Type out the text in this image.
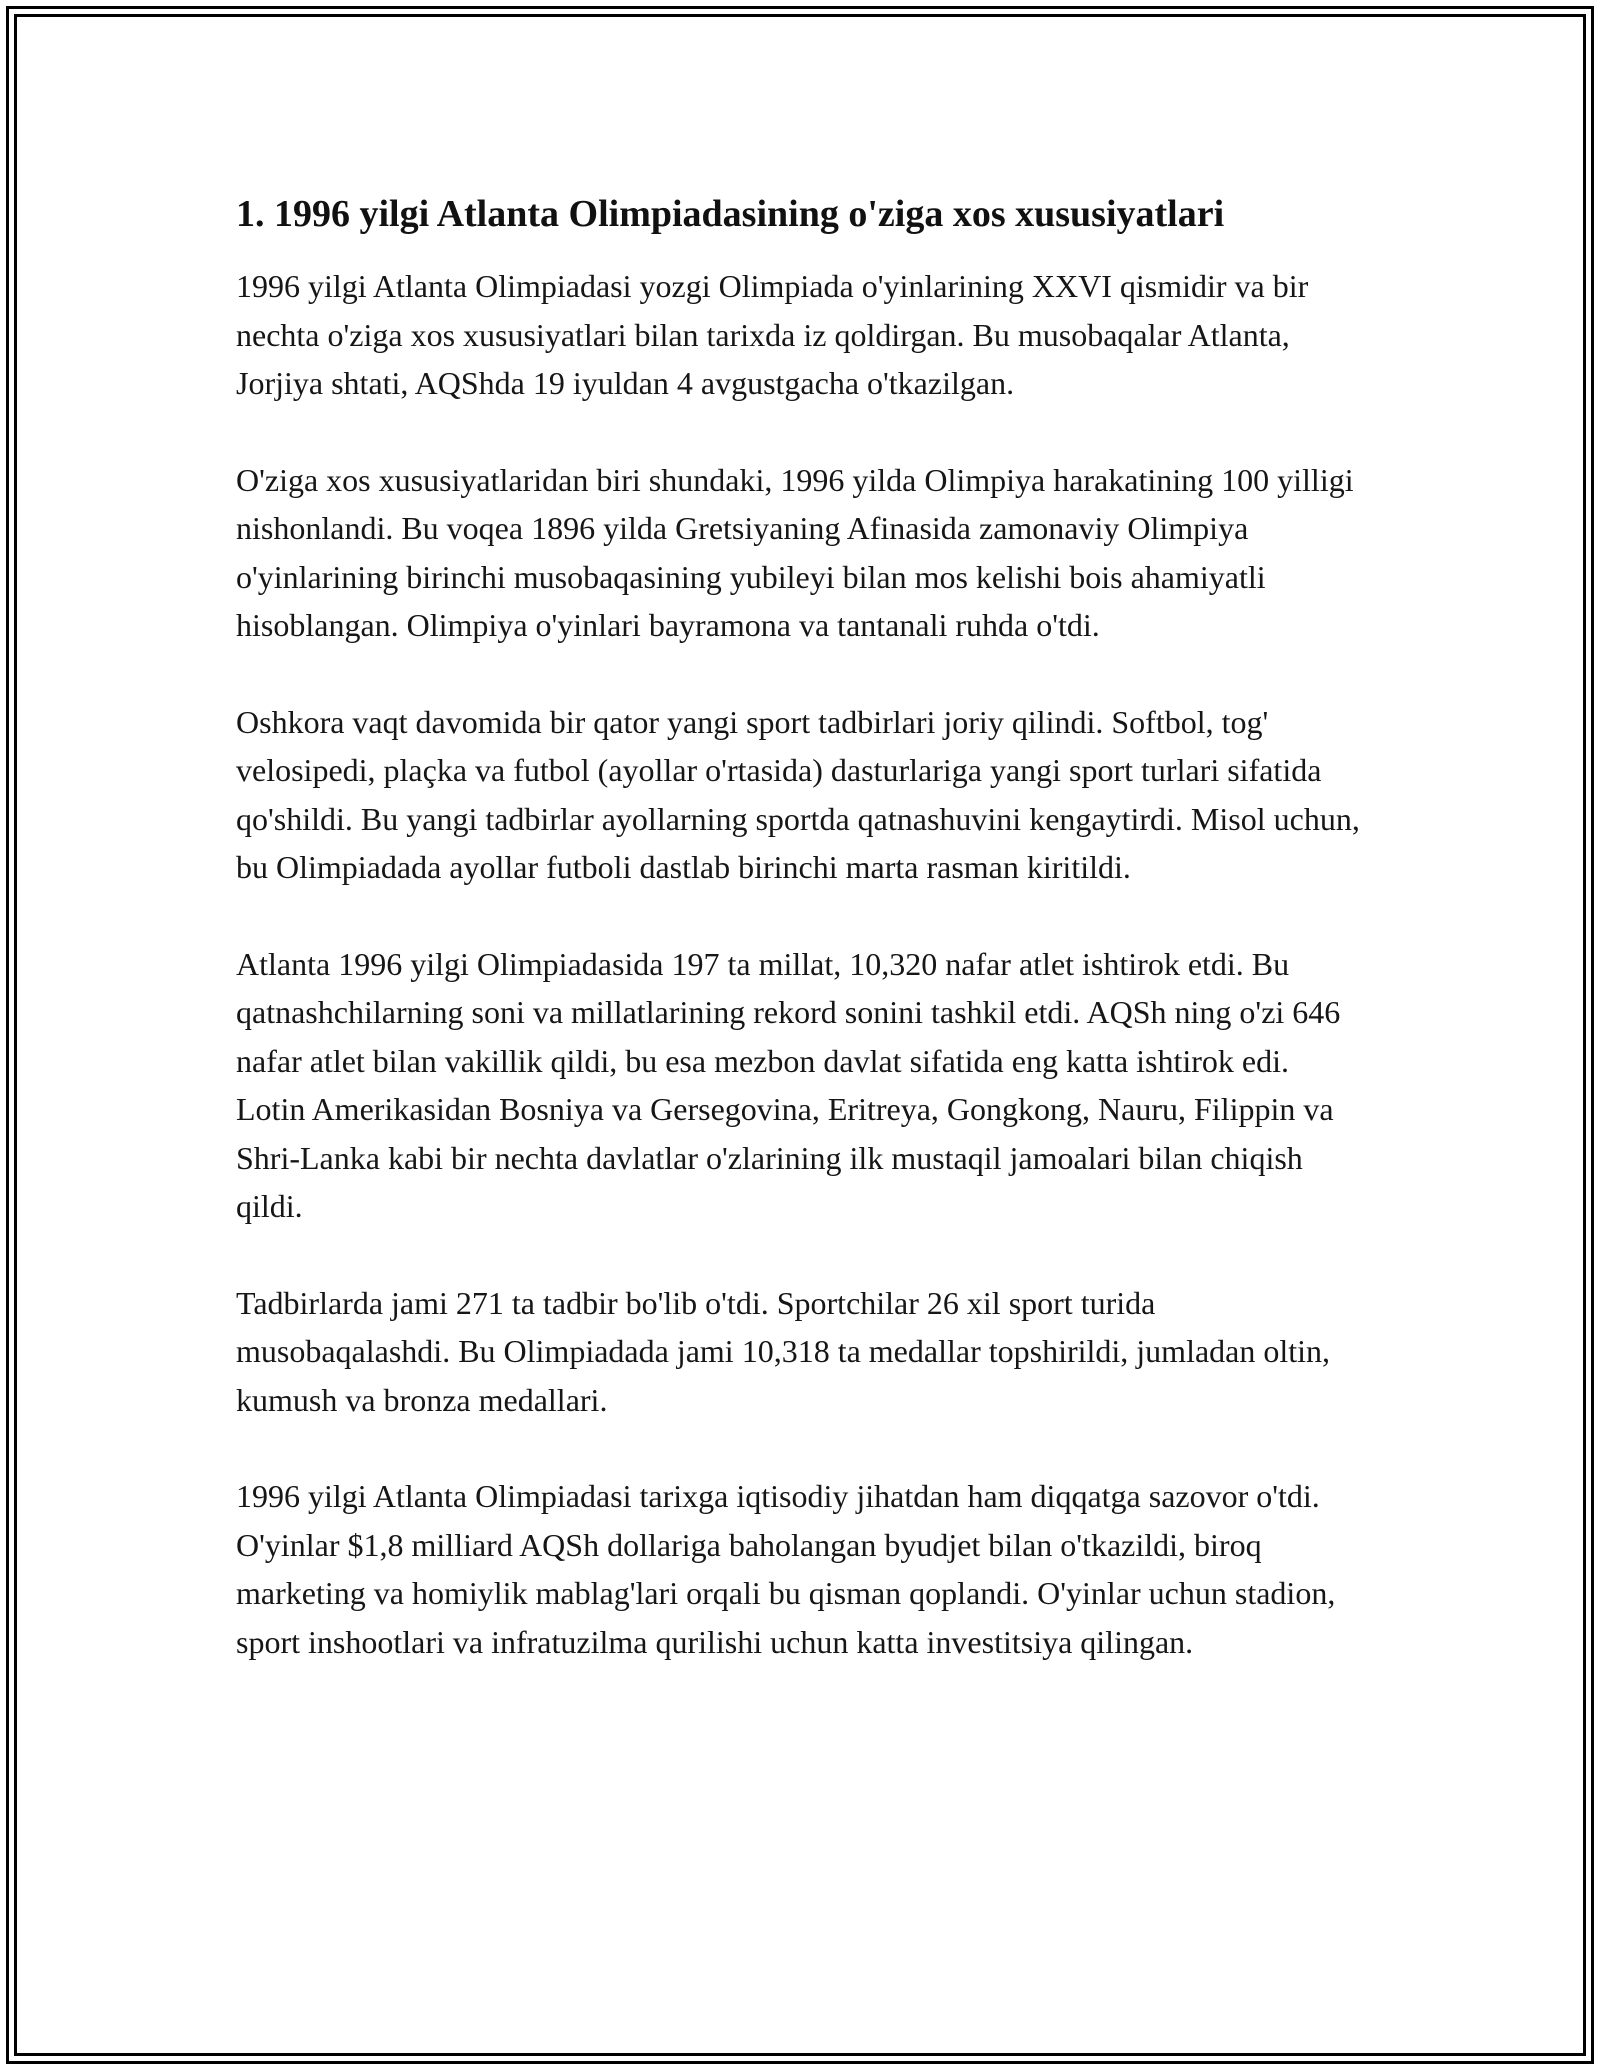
1. 1996 yilgi Atlanta Olimpiadasining o'ziga xos xususiyatlari

1996 yilgi Atlanta Olimpiadasi yozgi Olimpiada o'yinlarining XXVI qismidir va bir nechta o'ziga xos xususiyatlari bilan tarixda iz qoldirgan. Bu musobaqalar Atlanta, Jorjiya shtati, AQShda 19 iyuldan 4 avgustgacha o'tkazilgan.

O'ziga xos xususiyatlaridan biri shundaki, 1996 yilda Olimpiya harakatining 100 yilligi nishonlandi. Bu voqea 1896 yilda Gretsiyaning Afinasida zamonaviy Olimpiya o'yinlarining birinchi musobaqasining yubileyi bilan mos kelishi bois ahamiyatli hisoblangan. Olimpiya o'yinlari bayramona va tantanali ruhda o'tdi.

Oshkora vaqt davomida bir qator yangi sport tadbirlari joriy qilindi. Softbol, tog' velosipedi, plaçka va futbol (ayollar o'rtasida) dasturlariga yangi sport turlari sifatida qo'shildi. Bu yangi tadbirlar ayollarning sportda qatnashuvini kengaytirdi. Misol uchun, bu Olimpiadada ayollar futboli dastlab birinchi marta rasman kiritildi.

Atlanta 1996 yilgi Olimpiadasida 197 ta millat, 10,320 nafar atlet ishtirok etdi. Bu qatnashchilarning soni va millatlarining rekord sonini tashkil etdi. AQSh ning o'zi 646 nafar atlet bilan vakillik qildi, bu esa mezbon davlat sifatida eng katta ishtirok edi. Lotin Amerikasidan Bosniya va Gersegovina, Eritreya, Gongkong, Nauru, Filippin va Shri-Lanka kabi bir nechta davlatlar o'zlarining ilk mustaqil jamoalari bilan chiqish qildi.

Tadbirlarda jami 271 ta tadbir bo'lib o'tdi. Sportchilar 26 xil sport turida musobaqalashdi. Bu Olimpiadada jami 10,318 ta medallar topshirildi, jumladan oltin, kumush va bronza medallari.

1996 yilgi Atlanta Olimpiadasi tarixga iqtisodiy jihatdan ham diqqatga sazovor o'tdi. O'yinlar $1,8 milliard AQSh dollariga baholangan byudjet bilan o'tkazildi, biroq marketing va homiylik mablag'lari orqali bu qisman qoplandi. O'yinlar uchun stadion, sport inshootlari va infratuzilma qurilishi uchun katta investitsiya qilingan.
